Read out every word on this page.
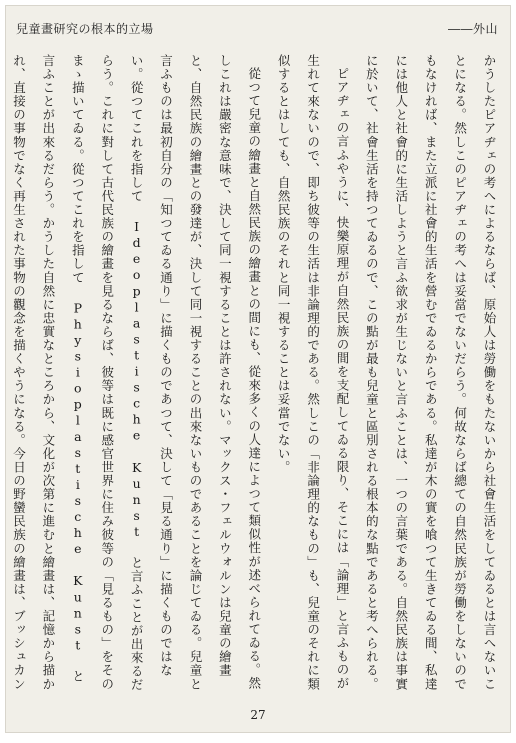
兒童畫研究の根本的立場	――外山

かうしたピアヂェの考へによるならば、原始人は勞働をもたないから社會生活をしてゐるとは言へないことになる。然しこのピアヂェの考へは妥當でないだらう。何故ならば總ての自然民族が勞働をしないのでもなければ、また立派に社會的生活を營むでゐるからである。私達が木の實を喰つて生きてゐる間、私達には他人と社會的に生活しようと言ふ欲求が生じないと言ふことは、一つの言葉である。自然民族は事實に於いて、社會生活を持つてゐるので、この點が最も兒童と區別される根本的な點であると考へられる。

ピアヂェの言ふやうに、快樂原理が自然民族の間を支配してゐる限り、そこには「論理」と言ふものが生れて來ないので、即ち彼等の生活は非論理的である。然しこの「非論理的なもの」も、兒童のそれに類似するとはしても、自然民族のそれと同一視することは妥當でない。

從つて兒童の繪畫と自然民族の繪畫との間にも、從來多くの人達によつて類似性が述べられてゐる。然しこれは嚴密な意味で、決して同一視することは許されない。マックス・フェルウォルンは兒童の繪畫と、自然民族の繪畫との發達が、決して同一視することの出來ないものであることを論じてゐる。兒童と言ふものは最初自分の「知つてゐる通り」に描くものであつて、決して「見る通り」に描くものではない。從つてこれを指して Ideoplastische Kunst と言ふことが出來るだらう。これに對して古代民族の繪畫を見るならば、彼等は既に感官世界に住み彼等の「見るもの」をそのまゝ描いてゐる。從つてこれを指して Physioplastische Kunst と言ふことが出來るだらう。かうした自然に忠實なところから、文化が次第に進むと繪畫は、記憶から描かれ、直接の事物でなく再生された事物の觀念を描くやうになる。今日の野蠻民族の繪畫は、ブッシュカン

27
